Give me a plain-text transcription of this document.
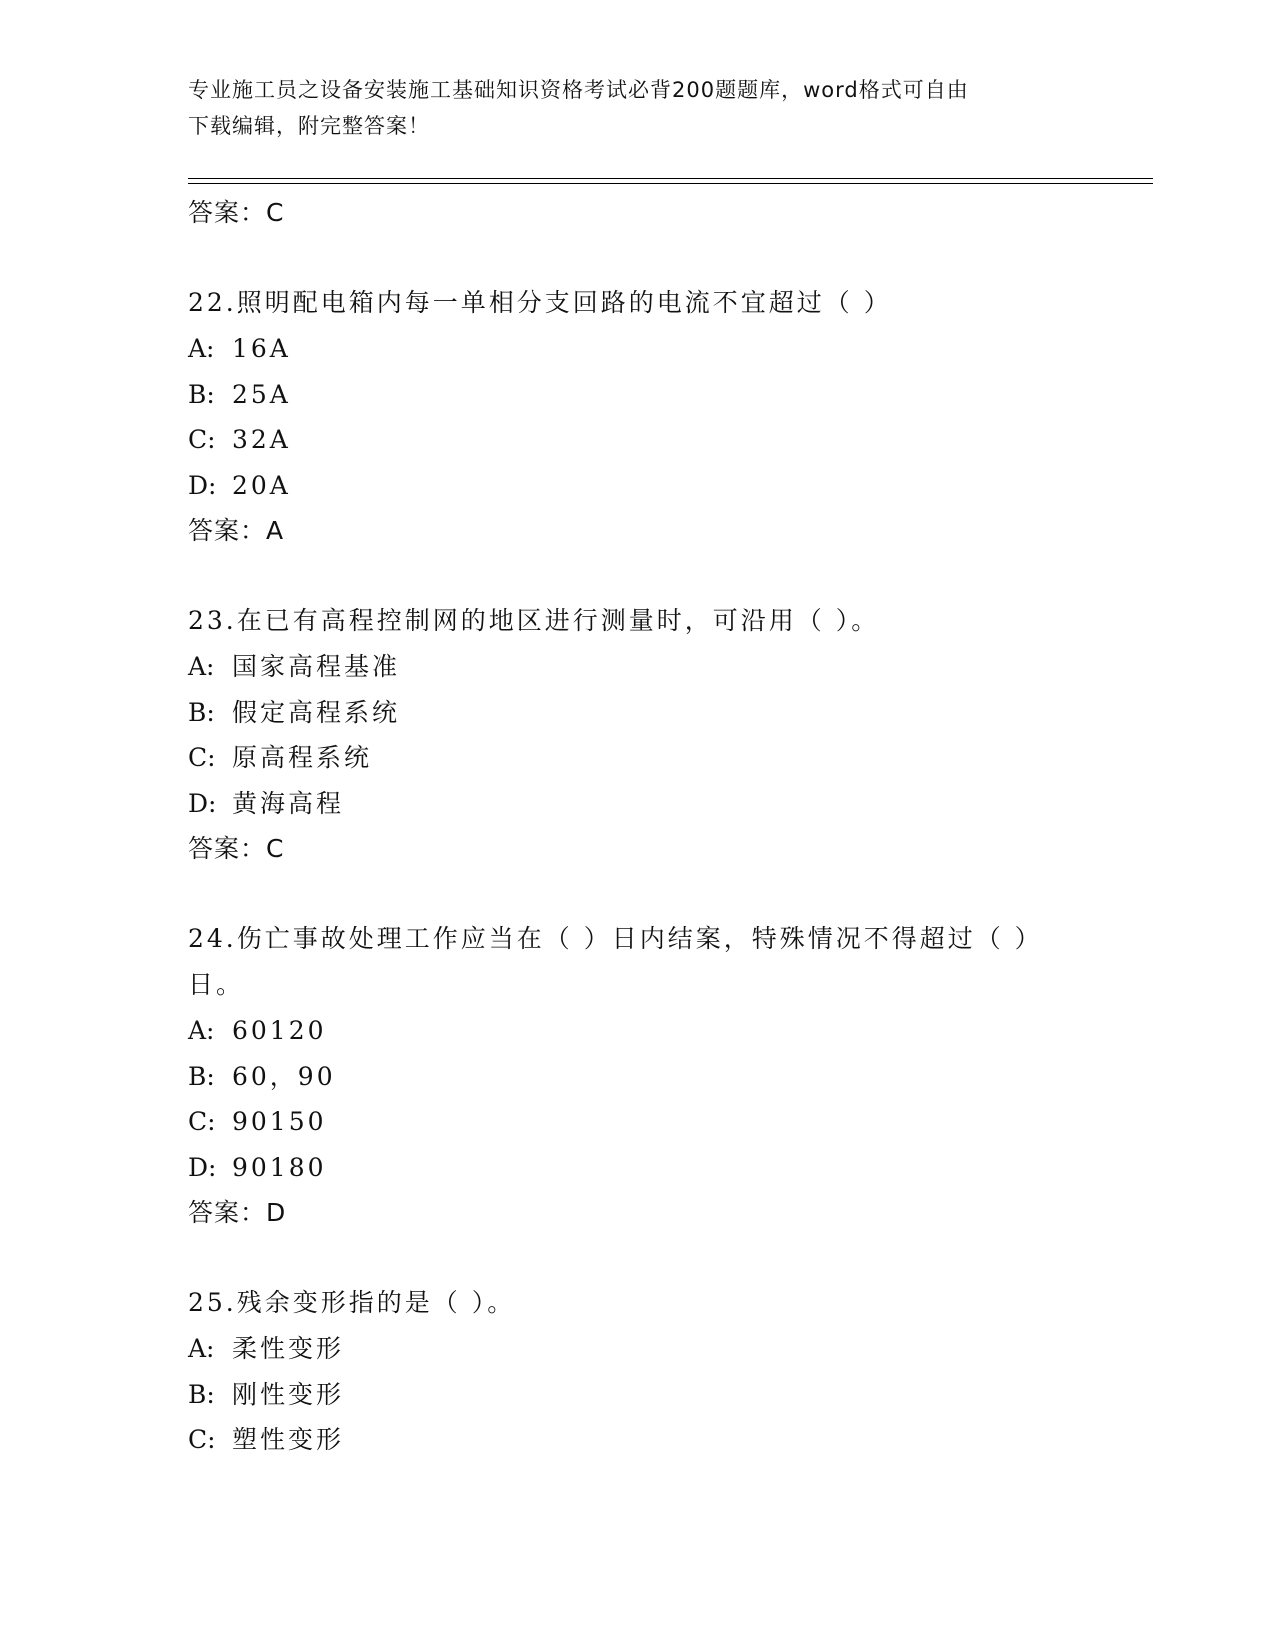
专业施工员之设备安装施工基础知识资格考试必背200题题库，word格式可自由
下载编辑，附完整答案！
答案：C
22.照明配电箱内每一单相分支回路的电流不宜超过（ ）
A: 16A
B: 25A
C: 32A
D: 20A
答案：A
23.在已有高程控制网的地区进行测量时，可沿用（ ）。
A: 国家高程基准
B: 假定高程系统
C: 原高程系统
D: 黄海高程
答案：C
24.伤亡事故处理工作应当在（ ）日内结案，特殊情况不得超过（ ）
日。
A: 60120
B: 60，90
C: 90150
D: 90180
答案：D
25.残余变形指的是（ ）。
A: 柔性变形
B: 刚性变形
C: 塑性变形
